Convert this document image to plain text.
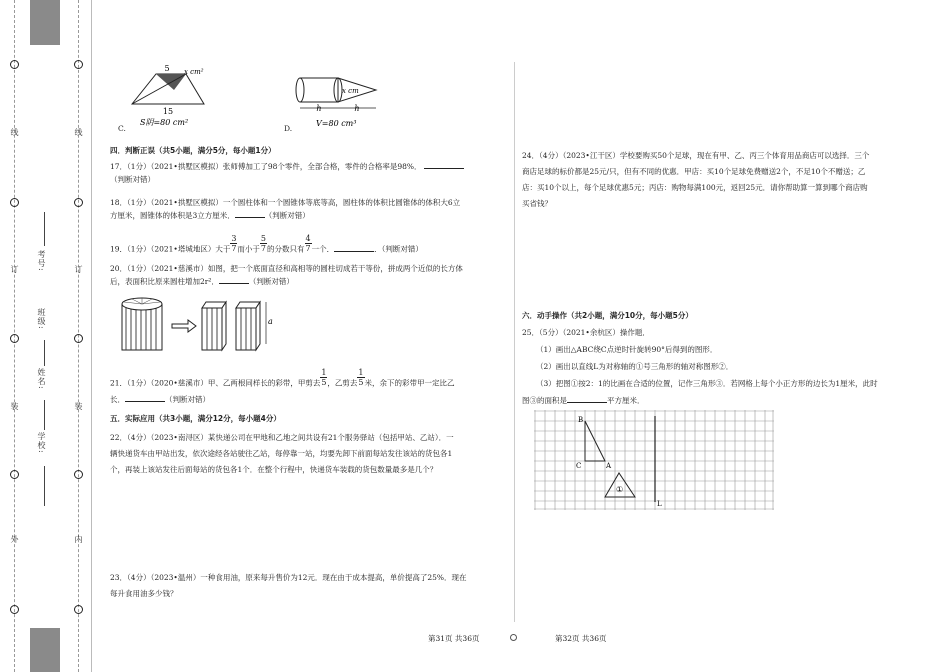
外
装
订
线
内
装
订
线
学校:
姓名:
班级:
考号:
5 x cm²
15
S阴=80 cm²
C.
x cm
h	h
V=80 cm³
D.
四．判断正误（共5小题，满分5分，每小题1分）
17．（1分）（2021•拱墅区模拟）张师傅加工了98个零件，全部合格，零件的合格率是98%．
（判断对错）
18．（1分）（2021•拱墅区模拟）一个圆柱体和一个圆锥体等底等高，圆柱体的体积比圆锥体的体积大6立
方厘米，圆锥体的体积是3立方厘米．	（判断对错）
19．（1分）（2021•塔城地区）大于 $\frac{3}{7}$而小于 $\frac{5}{7}$的分数只有 $\frac{4}{7}$一个．	．（判断对错）
20．（1分）（2021•慈溪市）如图，把一个底面直径和高相等的圆柱切成若干等份，拼成两个近似的长方体
后，表面积比原来圆柱增加2r²．	（判断对错）
a
21．（1分）（2020•慈溪市）甲、乙两根同样长的彩带，甲剪去 $\frac{1}{5}$，乙剪去 $\frac{1}{5}$米，余下的彩带甲一定比乙
长．	（判断对错）
五．实际应用（共3小题，满分12分，每小题4分）
22．（4分）（2023•南浔区）某快递公司在甲地和乙地之间共设有21个服务驿站（包括甲站、乙站）．一
辆快递货车由甲站出发，依次途经各站驶往乙站，每停靠一站，均要先卸下前面每站发往该站的货包各1
个，再装上该站发往后面每站的货包各1个．在整个行程中，快递货车装载的货包数量最多是几个？
23．（4分）（2023•温州）一种食用油，原来每升售价为12元．现在由于成本提高，单价提高了25%．现在
每升食用油多少钱？
第31页 共36页
24．（4分）（2023•江干区）学校要购买50个足球，现在有甲、乙、丙三个体育用品商店可以选择．三个
商店足球的标价都是25元/只，但有不同的优惠．甲店：买10个足球免费赠送2个，不足10个不赠送；乙
店：买10个以上，每个足球优惠5元；丙店：购物每满100元，返回25元．请你帮助算一算到哪个商店购
买省钱？
六．动手操作（共2小题，满分10分，每小题5分）
25．（5分）（2021•余杭区）操作题．
（1）画出△ABC绕C点逆时针旋转90°后得到的图形．
（2）画出以直线L为对称轴的①号三角形的轴对称图形②．
（3）把图①按2：1的比画在合适的位置，记作三角形③．若网格上每个小正方形的边长为1厘米，此时
图③的面积是	平方厘米．
B
C	A
①
L
第32页 共36页
